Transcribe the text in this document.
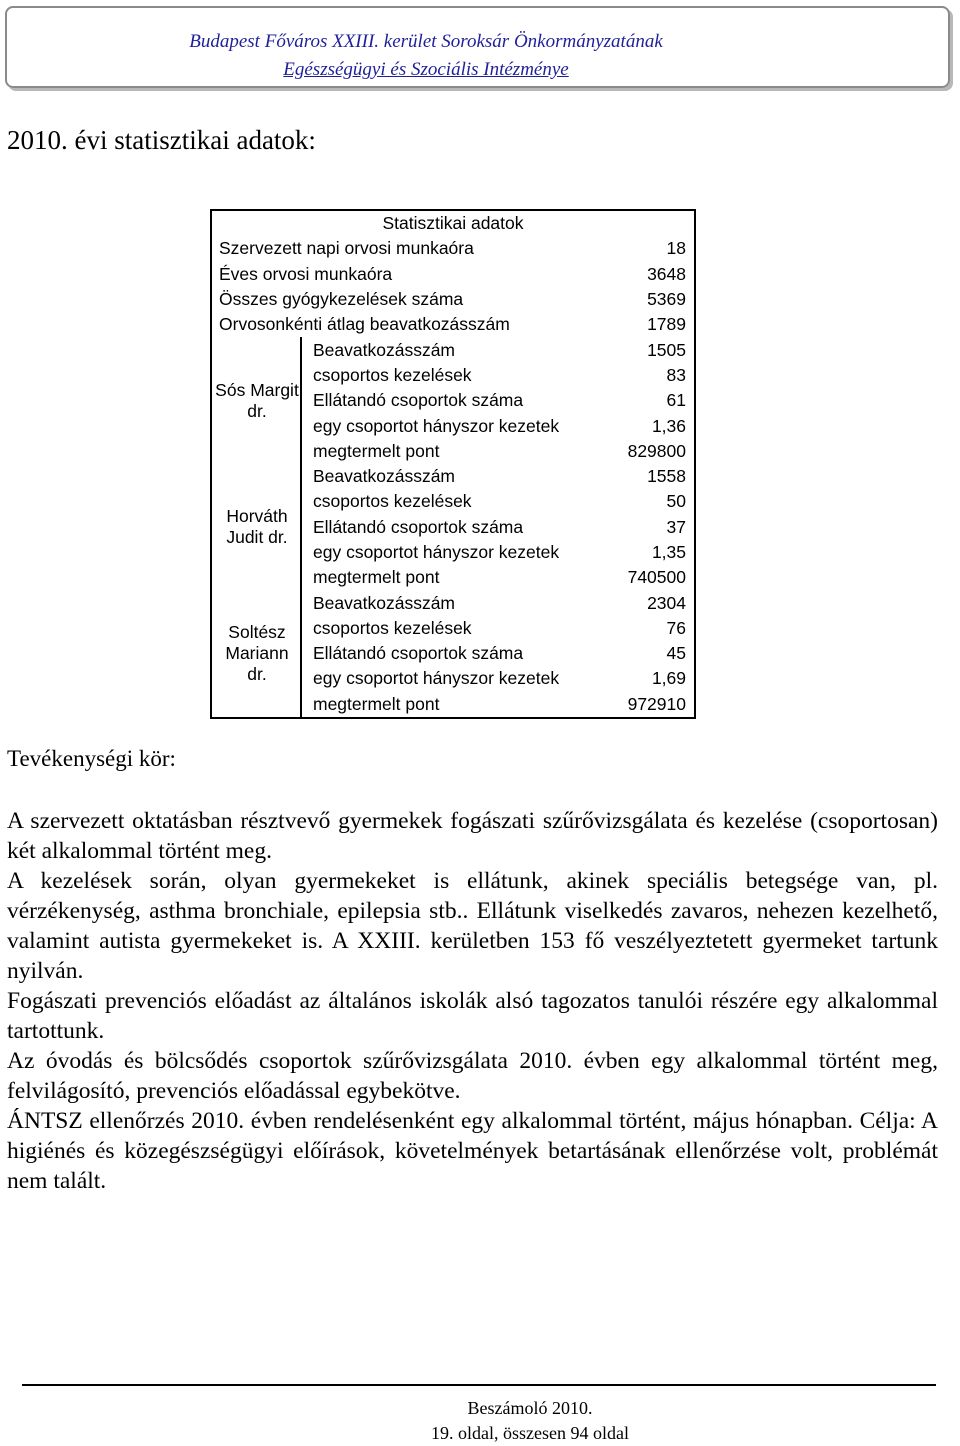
Budapest Főváros XXIII. kerület Soroksár Önkormányzatának
Egészségügyi és Szociális Intézménye
2010. évi statisztikai adatok:
Statisztikai adatok
Szervezett napi orvosi munkaóra	18
Éves orvosi munkaóra	3648
Összes gyógykezelések száma	5369
Orvosonkénti átlag beavatkozásszám	1789
Sós Margit dr.
Beavatkozásszám	1505
csoportos kezelések	83
Ellátandó csoportok száma	61
egy csoportot hányszor kezetek	1,36
megtermelt pont	829800
Horváth Judit dr.
Beavatkozásszám	1558
csoportos kezelések	50
Ellátandó csoportok száma	37
egy csoportot hányszor kezetek	1,35
megtermelt pont	740500
Soltész Mariann dr.
Beavatkozásszám	2304
csoportos kezelések	76
Ellátandó csoportok száma	45
egy csoportot hányszor kezetek	1,69
megtermelt pont	972910
Tevékenységi kör:

A szervezett oktatásban résztvevő gyermekek fogászati szűrővizsgálata és kezelése (csoportosan) két alkalommal történt meg.

A kezelések során, olyan gyermekeket is ellátunk, akinek speciális betegsége van, pl. vérzékenység, asthma bronchiale, epilepsia stb.. Ellátunk viselkedés zavaros, nehezen kezelhető, valamint autista gyermekeket is. A XXIII. kerületben 153 fő veszélyeztetett gyermeket tartunk nyilván.

Fogászati prevenciós előadást az általános iskolák alsó tagozatos tanulói részére egy alkalommal tartottunk.

Az óvodás és bölcsődés csoportok szűrővizsgálata 2010. évben egy alkalommal történt meg, felvilágosító, prevenciós előadással egybekötve.

ÁNTSZ ellenőrzés 2010. évben rendelésenként egy alkalommal történt, május hónapban. Célja: A higiénés és közegészségügyi előírások, követelmények betartásának ellenőrzése volt, problémát nem talált.

Beszámoló 2010.
19. oldal, összesen 94 oldal
